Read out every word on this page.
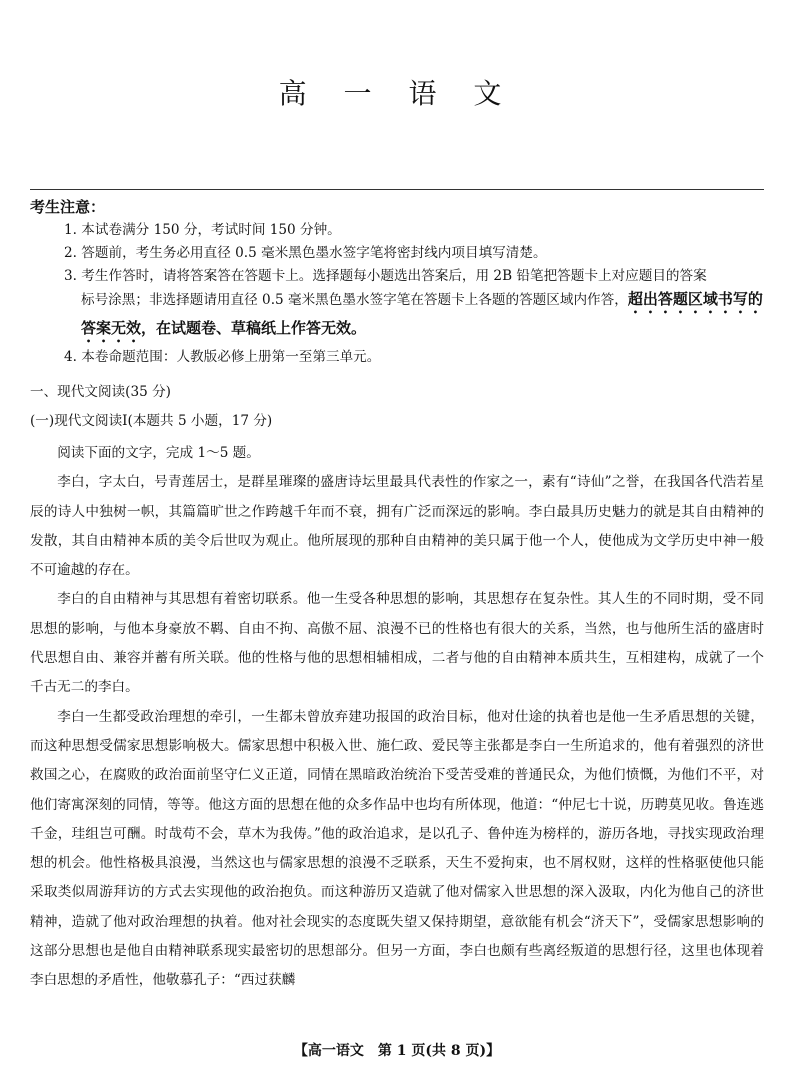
高 一 语 文
考生注意：
1. 本试卷满分 150 分，考试时间 150 分钟。
2. 答题前，考生务必用直径 0.5 毫米黑色墨水签字笔将密封线内项目填写清楚。
3. 考生作答时，请将答案答在答题卡上。选择题每小题选出答案后，用 2B 铅笔把答题卡上对应题目的答案
标号涂黑；非选择题请用直径 0.5 毫米黑色墨水签字笔在答题卡上各题的答题区域内作答，超出答题区域书写的答案无效，在试题卷、草稿纸上作答无效。
4. 本卷命题范围：人教版必修上册第一至第三单元。
一、现代文阅读(35 分)
(一)现代文阅读Ⅰ(本题共 5 小题，17 分)

阅读下面的文字，完成 1～5 题。

李白，字太白，号青莲居士，是群星璀璨的盛唐诗坛里最具代表性的作家之一，素有“诗仙”之誉，在我国各代浩若星辰的诗人中独树一帜，其篇篇旷世之作跨越千年而不衰，拥有广泛而深远的影响。李白最具历史魅力的就是其自由精神的发散，其自由精神本质的美令后世叹为观止。他所展现的那种自由精神的美只属于他一个人，使他成为文学历史中神一般不可逾越的存在。

李白的自由精神与其思想有着密切联系。他一生受各种思想的影响，其思想存在复杂性。其人生的不同时期，受不同思想的影响，与他本身豪放不羁、自由不拘、高傲不屈、浪漫不已的性格也有很大的关系，当然，也与他所生活的盛唐时代思想自由、兼容并蓄有所关联。他的性格与他的思想相辅相成，二者与他的自由精神本质共生，互相建构，成就了一个千古无二的李白。

李白一生都受政治理想的牵引，一生都未曾放弃建功报国的政治目标，他对仕途的执着也是他一生矛盾思想的关键，而这种思想受儒家思想影响极大。儒家思想中积极入世、施仁政、爱民等主张都是李白一生所追求的，他有着强烈的济世救国之心，在腐败的政治面前坚守仁义正道，同情在黑暗政治统治下受苦受难的普通民众，为他们愤慨，为他们不平，对他们寄寓深刻的同情，等等。他这方面的思想在他的众多作品中也均有所体现，他道：“仲尼七十说，历聘莫见收。鲁连逃千金，珪组岂可酬。时哉苟不会，草木为我俦。”他的政治追求，是以孔子、鲁仲连为榜样的，游历各地，寻找实现政治理想的机会。他性格极具浪漫，当然这也与儒家思想的浪漫不乏联系，天生不爱拘束，也不屑权财，这样的性格驱使他只能采取类似周游拜访的方式去实现他的政治抱负。而这种游历又造就了他对儒家入世思想的深入汲取，内化为他自己的济世精神，造就了他对政治理想的执着。他对社会现实的态度既失望又保持期望，意欲能有机会“济天下”，受儒家思想影响的这部分思想也是他自由精神联系现实最密切的思想部分。但另一方面，李白也颇有些离经叛道的思想行径，这里也体现着李白思想的矛盾性，他敬慕孔子：“西过获麟

【高一语文　第 1 页(共 8 页)】
